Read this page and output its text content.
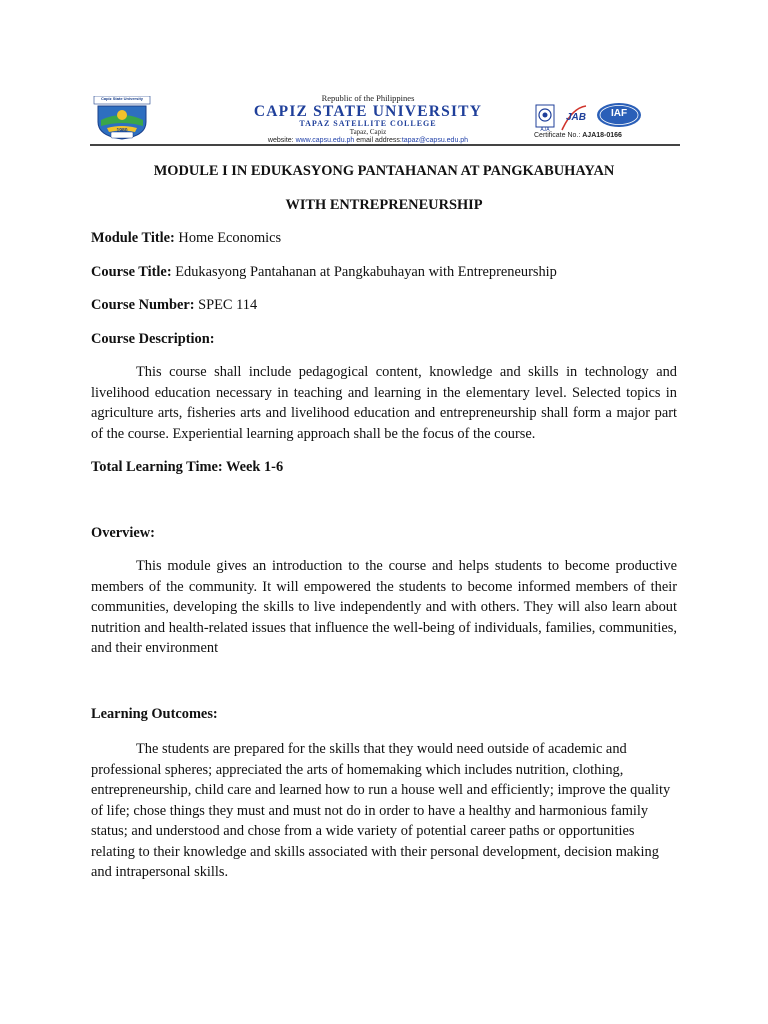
Capiz State University
1980
Republic of the Philippines
CAPIZ STATE UNIVERSITY
TAPAZ SATELLITE COLLEGE
Tapaz, Capiz
website: www.capsu.edu.ph email address:tapaz@capsu.edu.ph
AJA
JAB	IAF
Certificate No.: AJA18-0166

MODULE I IN EDUKASYONG PANTAHANAN AT PANGKABUHAYAN

WITH ENTREPRENEURSHIP

Module Title: Home Economics

Course Title: Edukasyong Pantahanan at Pangkabuhayan with Entrepreneurship

Course Number: SPEC 114

Course Description:

This course shall include pedagogical content, knowledge and skills in technology and livelihood education necessary in teaching and learning in the elementary level. Selected topics in agriculture arts, fisheries arts and livelihood education and entrepreneurship shall form a major part of the course. Experiential learning approach shall be the focus of the course.

Total Learning Time: Week 1-6

Overview:

This module gives an introduction to the course and helps students to become productive members of the community. It will empowered the students to become informed members of their communities, developing the skills to live independently and with others. They will also learn about nutrition and health-related issues that influence the well-being of individuals, families, communities, and their environment

Learning Outcomes:

The students are prepared for the skills that they would need outside of academic and professional spheres; appreciated the arts of homemaking which includes nutrition, clothing, entrepreneurship, child care and learned how to run a house well and efficiently; improve the quality of life; chose things they must and must not do in order to have a healthy and harmonious family status; and understood and chose from a wide variety of potential career paths or opportunities relating to their knowledge and skills associated with their personal development, decision making and intrapersonal skills.
